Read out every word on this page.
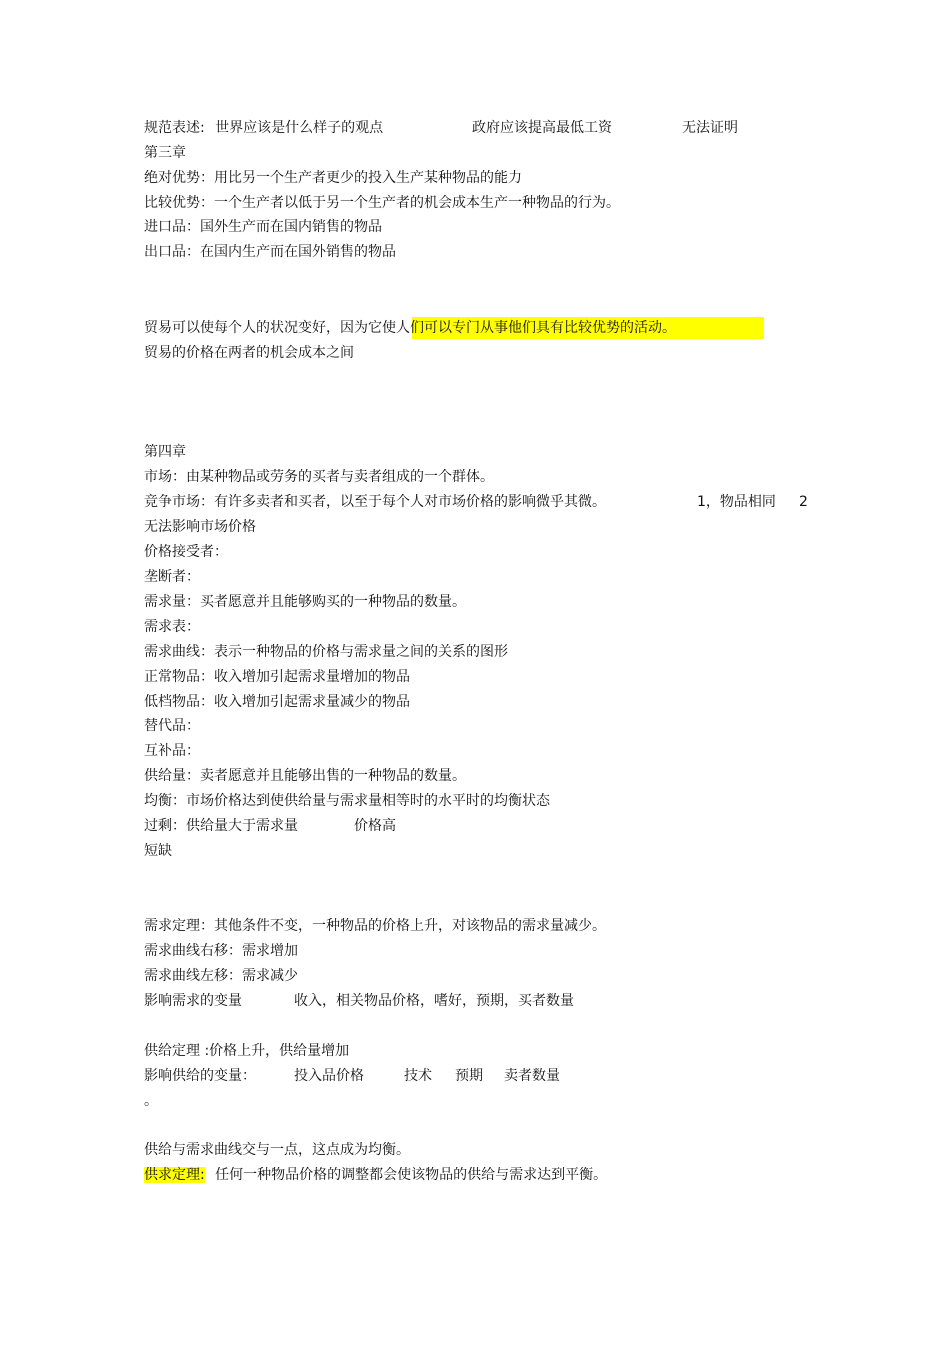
规范表述: 世界应该是什么样子的观点	政府应该提高最低工资	无法证明
第三章
绝对优势：用比另一个生产者更少的投入生产某种物品的能力
比较优势：一个生产者以低于另一个生产者的机会成本生产一种物品的行为。
进口品：国外生产而在国内销售的物品
出口品：在国内生产而在国外销售的物品
贸易可以使每个人的状况变好，因为它使人们可以专门从事他们具有比较优势的活动。
贸易的价格在两者的机会成本之间
第四章
市场：由某种物品或劳务的买者与卖者组成的一个群体。
竞争市场：有许多卖者和买者，以至于每个人对市场价格的影响微乎其微。	1，物品相同 2
无法影响市场价格
价格接受者：
垄断者：
需求量：买者愿意并且能够购买的一种物品的数量。
需求表：
需求曲线：表示一种物品的价格与需求量之间的关系的图形
正常物品：收入增加引起需求量增加的物品
低档物品：收入增加引起需求量减少的物品
替代品：
互补品：
供给量：卖者愿意并且能够出售的一种物品的数量。
均衡：市场价格达到使供给量与需求量相等时的水平时的均衡状态
过剩：供给量大于需求量	价格高
短缺
需求定理：其他条件不变，一种物品的价格上升，对该物品的需求量减少。
需求曲线右移：需求增加
需求曲线左移：需求减少
影响需求的变量	收入，相关物品价格，嗜好，预期，买者数量
供给定理 :价格上升，供给量增加
影响供给的变量：	投入品价格	技术 预期 卖者数量
。
供给与需求曲线交与一点，这点成为均衡。
供求定理: 任何一种物品价格的调整都会使该物品的供给与需求达到平衡。
